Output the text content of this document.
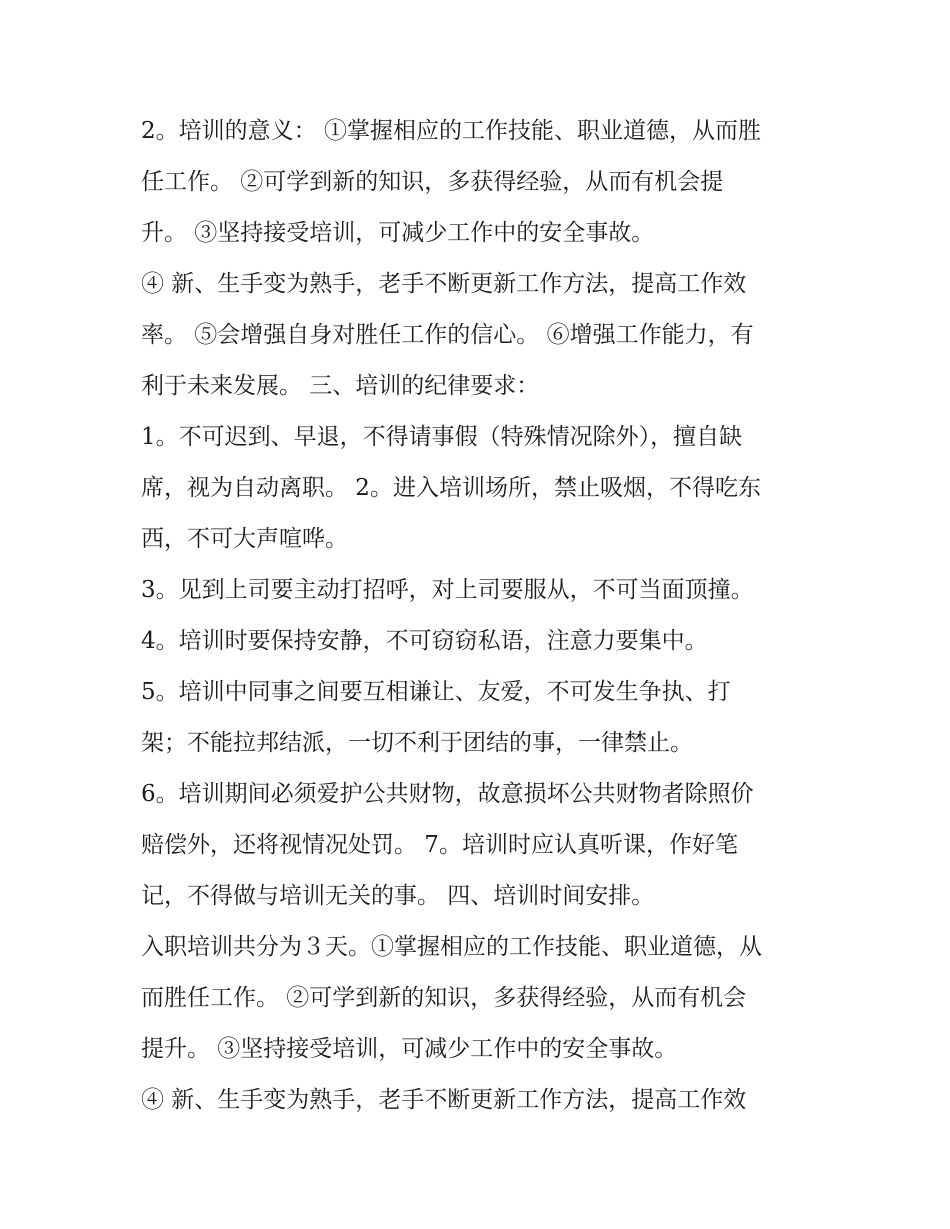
2。培训的意义： ①掌握相应的工作技能、职业道德，从而胜
任工作。 ②可学到新的知识，多获得经验，从而有机会提
升。 ③坚持接受培训，可减少工作中的安全事故。
④ 新、生手变为熟手，老手不断更新工作方法，提高工作效
率。 ⑤会增强自身对胜任工作的信心。 ⑥增强工作能力，有
利于未来发展。 三、培训的纪律要求：
1。不可迟到、早退，不得请事假（特殊情况除外），擅自缺
席，视为自动离职。 2。进入培训场所，禁止吸烟，不得吃东
西，不可大声喧哗。
3。见到上司要主动打招呼，对上司要服从，不可当面顶撞。
4。培训时要保持安静，不可窃窃私语，注意力要集中。
5。培训中同事之间要互相谦让、友爱，不可发生争执、打
架；不能拉邦结派，一切不利于团结的事，一律禁止。
6。培训期间必须爱护公共财物，故意损坏公共财物者除照价
赔偿外，还将视情况处罚。 7。培训时应认真听课，作好笔
记，不得做与培训无关的事。 四、培训时间安排。
入职培训共分为３天。①掌握相应的工作技能、职业道德，从
而胜任工作。 ②可学到新的知识，多获得经验，从而有机会
提升。 ③坚持接受培训，可减少工作中的安全事故。
④ 新、生手变为熟手，老手不断更新工作方法，提高工作效
